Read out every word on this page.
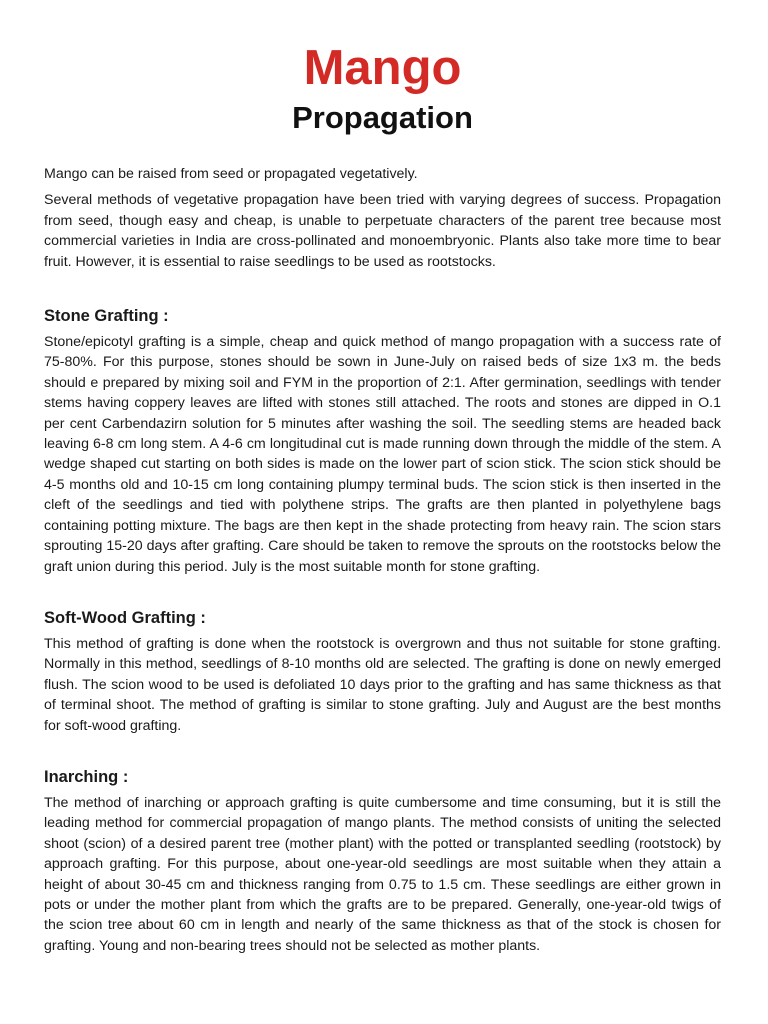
Mango
Propagation

Mango can be raised from seed or propagated vegetatively.

Several methods of vegetative propagation have been tried with varying degrees of success. Propagation from seed, though easy and cheap, is unable to perpetuate characters of the parent tree because most commercial varieties in India are cross-pollinated and monoembryonic. Plants also take more time to bear fruit. However, it is essential to raise seedlings to be used as rootstocks.

Stone Grafting :

Stone/epicotyl grafting is a simple, cheap and quick method of mango propagation with a success rate of 75-80%. For this purpose, stones should be sown in June-July on raised beds of size 1x3 m. the beds should e prepared by mixing soil and FYM in the proportion of 2:1. After germination, seedlings with tender stems having coppery leaves are lifted with stones still attached. The roots and stones are dipped in O.1 per cent Carbendazirn solution for 5 minutes after washing the soil. The seedling stems are headed back leaving 6-8 cm long stem. A 4-6 cm longitudinal cut is made running down through the middle of the stem. A wedge shaped cut starting on both sides is made on the lower part of scion stick. The scion stick should be 4-5 months old and 10-15 cm long containing plumpy terminal buds. The scion stick is then inserted in the cleft of the seedlings and tied with polythene strips. The grafts are then planted in polyethylene bags containing potting mixture. The bags are then kept in the shade protecting from heavy rain. The scion stars sprouting 15-20 days after grafting. Care should be taken to remove the sprouts on the rootstocks below the graft union during this period. July is the most suitable month for stone grafting.

Soft-Wood Grafting :

This method of grafting is done when the rootstock is overgrown and thus not suitable for stone grafting. Normally in this method, seedlings of 8-10 months old are selected. The grafting is done on newly emerged flush. The scion wood to be used is defoliated 10 days prior to the grafting and has same thickness as that of terminal shoot. The method of grafting is similar to stone grafting. July and August are the best months for soft-wood grafting.

Inarching :

The method of inarching or approach grafting is quite cumbersome and time consuming, but it is still the leading method for commercial propagation of mango plants. The method consists of uniting the selected shoot (scion) of a desired parent tree (mother plant) with the potted or transplanted seedling (rootstock) by approach grafting. For this purpose, about one-year-old seedlings are most suitable when they attain a height of about 30-45 cm and thickness ranging from 0.75 to 1.5 cm. These seedlings are either grown in pots or under the mother plant from which the grafts are to be prepared. Generally, one-year-old twigs of the scion tree about 60 cm in length and nearly of the same thickness as that of the stock is chosen for grafting. Young and non-bearing trees should not be selected as mother plants.
